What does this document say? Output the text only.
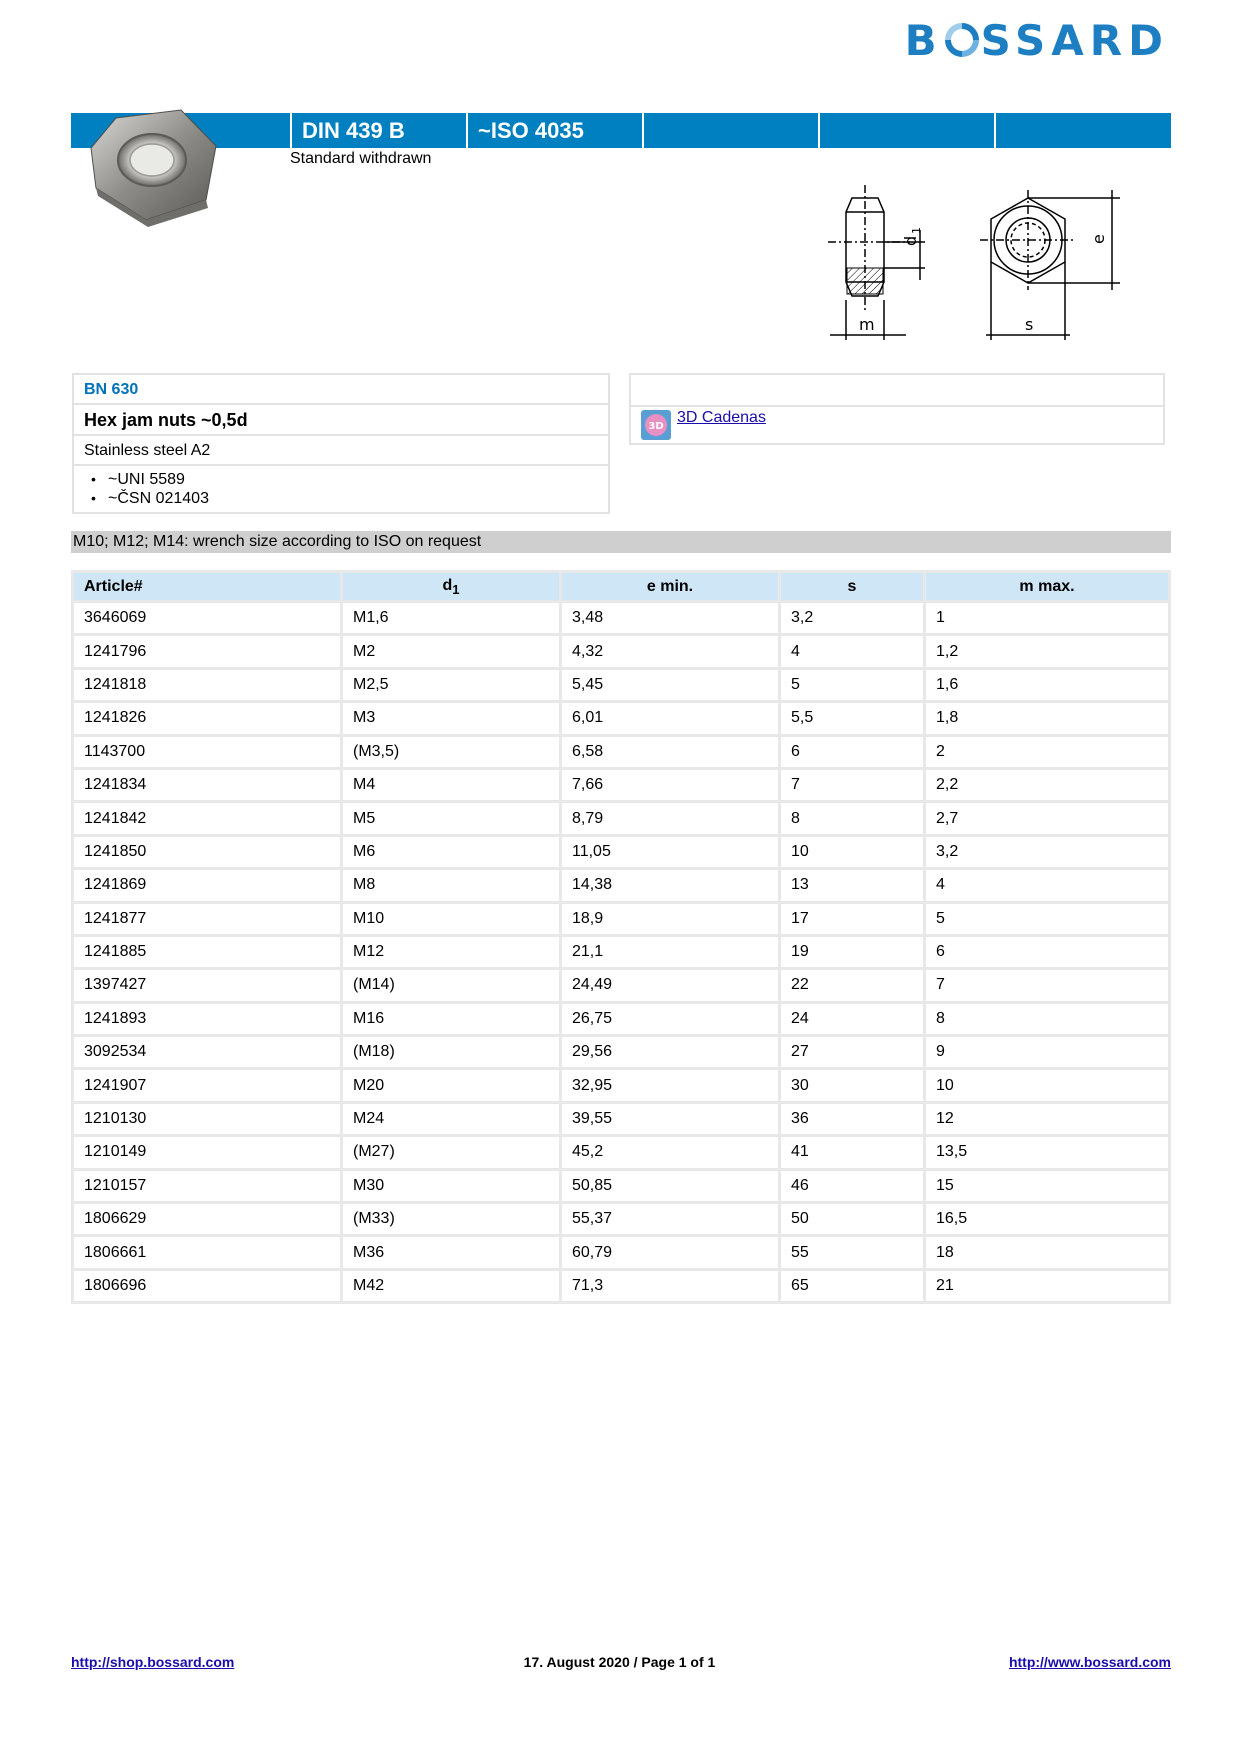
B SSARD
DIN 439 B	~ISO 4035
Standard withdrawn
m
d
1
s
e
BN 630
Hex jam nuts ~0,5d
Stainless steel A2
• ~UNI 5589
• ~ČSN 021403
3D
3D Cadenas
M10; M12; M14: wrench size according to ISO on request
Article#	$d_1$	e min.	s	m max.
3646069	M1,6	3,48	3,2	1
1241796	M2	4,32	4	1,2
1241818	M2,5	5,45	5	1,6
1241826	M3	6,01	5,5	1,8
1143700	(M3,5)	6,58	6	2
1241834	M4	7,66	7	2,2
1241842	M5	8,79	8	2,7
1241850	M6	11,05	10	3,2
1241869	M8	14,38	13	4
1241877	M10	18,9	17	5
1241885	M12	21,1	19	6
1397427	(M14)	24,49	22	7
1241893	M16	26,75	24	8
3092534	(M18)	29,56	27	9
1241907	M20	32,95	30	10
1210130	M24	39,55	36	12
1210149	(M27)	45,2	41	13,5
1210157	M30	50,85	46	15
1806629	(M33)	55,37	50	16,5
1806661	M36	60,79	55	18
1806696	M42	71,3	65	21
http://shop.bossard.com	17. August 2020 / Page 1 of 1	http://www.bossard.com
